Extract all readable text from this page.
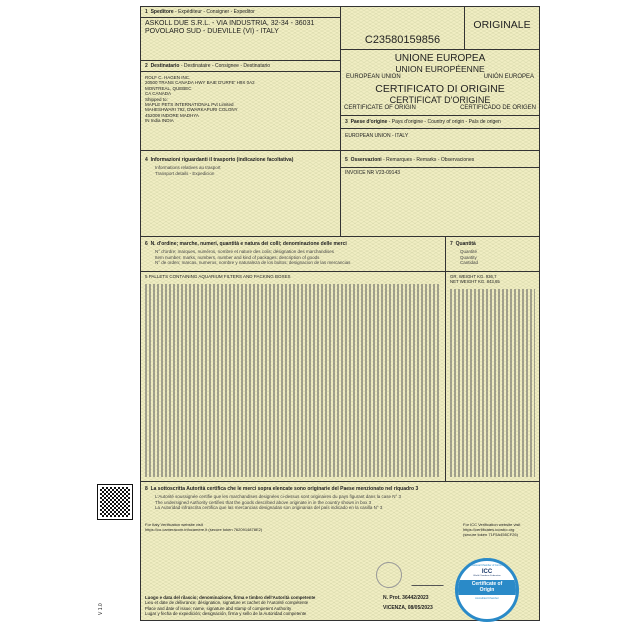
V 1.0
1 Speditore - Expéditeur - Consigner - Expeditor
ASKOLL DUE S.R.L. - VIA INDUSTRIA, 32-34 - 36031 POVOLARO SUD - DUEVILLE (VI) - ITALY
2 Destinatario - Destinataire - Consignee - Destinatario
ROLF C. HAGEN INC.
20500 TRANS CANADA HWY BAIE D'URFE' H9X 0A2
MONTREAL, QUEBEC
CA CANADA
Shipped to:
MAPLE PETS INTERNATIONAL Pvt Limited
MAHESHWARI 792, DWARKAPURI COLONY
452009 INDORE MADHYA
IN India INDIA
C23580159856
ORIGINALE
UNIONE EUROPEA
UNION EUROPÉENNE
EUROPEAN UNION	UNIÓN EUROPEA
CERTIFICATO DI ORIGINE
CERTIFICAT D'ORIGINE
CERTIFICATE OF ORIGIN	CERTIFICADO DE ORIGEN
3 Paese d'origine - Pays d'origine - Country of origin - País de origen
EUROPEAN UNION - ITALY
4 Informazioni riguardanti il trasporto (indicazione facoltativa)
Informations relatives au trasport
Transport details - Expedicion
5 Osservazioni - Remarques - Remarks - Observaciones
INVOICE NR V23-09143
6 N. d'ordine; marche, numeri, quantità e natura dei colli; denominazione delle merci
N° d'ordre; marques, numéros, nombre et nature des colis; désignation des marchandises
Item number; marks, numbers, number and kind of packages; description of goods
N° de orden; marcas, numeros, nombre y naturaleza de los bultos; designacion de las mercancias
7 Quantità
Quantité
Quantity
Cantidad
5 PALLETS CONTAINING AQUARIUM FILTERS AND PACKING BOXES	GR. WEIGHT KG. 936,7
NET WEIGHT KG. 843,65
8 La sottoscritta Autorità certifica che le merci sopra elencate sono originarie del Paese menzionato nel riquadro 3
L'Autorité soussignée certifie que les marchandises designées ci-dessus sont originaires du pays figurant dans la case N° 3
The undersigned Authority certifies that the goods described above originate in in the country shown in box 3
La Autoridad infrascrita certifica que las mercancias designadas son originarias del país indicado en la casilla N° 3
For Italy Verification website visit
https://co.cameracom.infocamere.it (secure token 7620914878E2)
For ICC Verification website visit
https://certificates.iccwbo.org
(secure token 71F5A455CF26)
N. Prot. 36442/2023
VICENZA, 08/05/2023
Luogo e data del rilascio; denominazione, firma e timbro dell'Autorità competente
Lieu et date de délivrance; désignation, signature et cachet de l'Autorité compétente
Place and date of issue; name, signature abd stamp of competent Authority
Lugar y fecha de expedición; designación, firma y sello de la Autoridad competente
International Chamber of Commerce
ICC
World Chambers Federation
Certificate of Origin
Accredited Chamber
